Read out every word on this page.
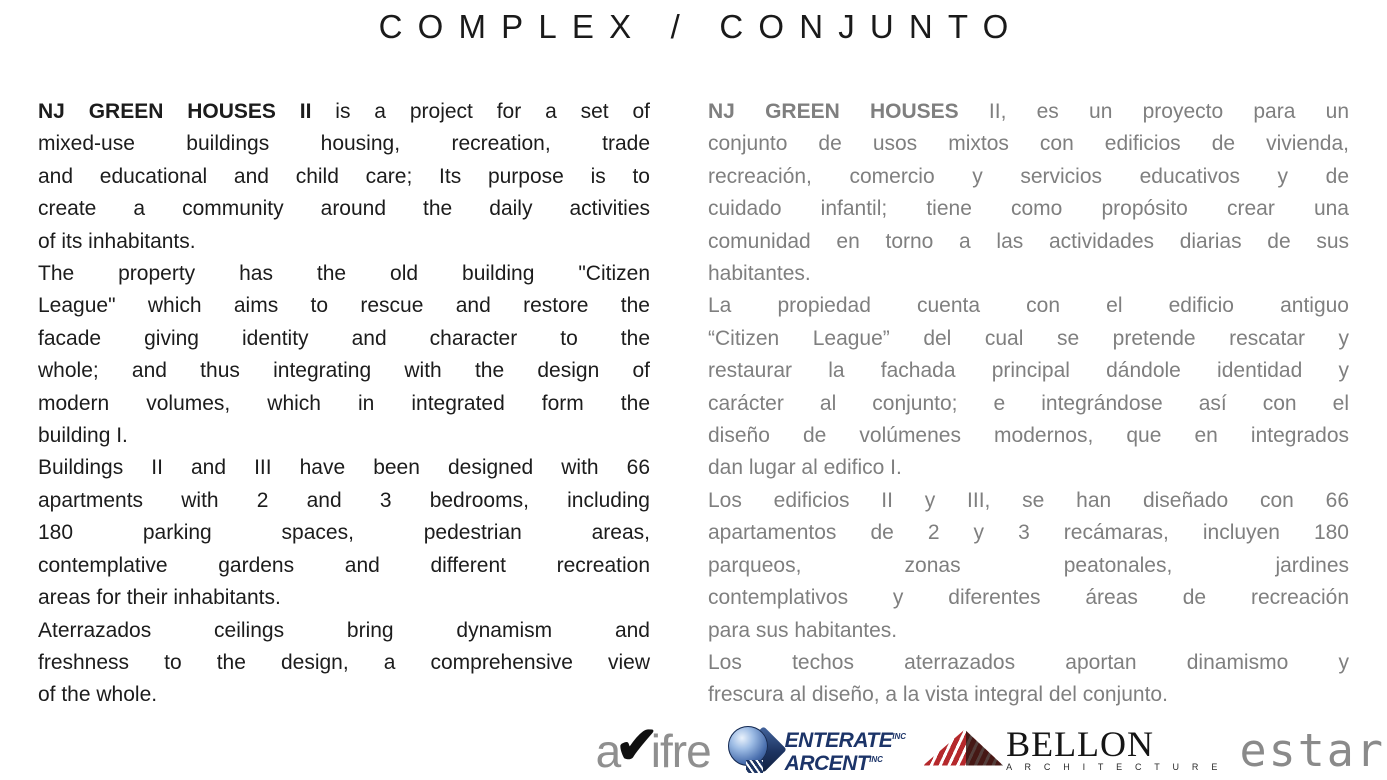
COMPLEX / CONJUNTO
NJ GREEN HOUSES II is a project for a set of
mixed-use buildings housing, recreation, trade
and educational and child care; Its purpose is to
create a community around the daily activities
of its inhabitants.
The property has the old building "Citizen
League" which aims to rescue and restore the
facade giving identity and character to the
whole; and thus integrating with the design of
modern volumes, which in integrated form the
building I.
Buildings II and III have been designed with 66
apartments with 2 and 3 bedrooms, including
180 parking spaces, pedestrian areas,
contemplative gardens and different recreation
areas for their inhabitants.
Aterrazados ceilings bring dynamism and
freshness to the design, a comprehensive view
of the whole.
NJ GREEN HOUSES II, es un proyecto para un
conjunto de usos mixtos con edificios de vivienda,
recreación, comercio y servicios educativos y de
cuidado infantil; tiene como propósito crear una
comunidad en torno a las actividades diarias de sus
habitantes.
La propiedad cuenta con el edificio antiguo
“Citizen League” del cual se pretende rescatar y
restaurar la fachada principal dándole identidad y
carácter al conjunto; e integrándose así con el
diseño de volúmenes modernos, que en integrados
dan lugar al edifico I.
Los edificios II y III, se han diseñado con 66
apartamentos de 2 y 3 recámaras, incluyen 180
parqueos, zonas peatonales, jardines
contemplativos y diferentes áreas de recreación
para sus habitantes.
Los techos aterrazados aportan dinamismo y
frescura al diseño, a la vista integral del conjunto.
a
✔
ifre	$ENTERATE^{INC}$
$ARCENT^{INC}$	BELLON
A R C H I T E C T U R E estar
